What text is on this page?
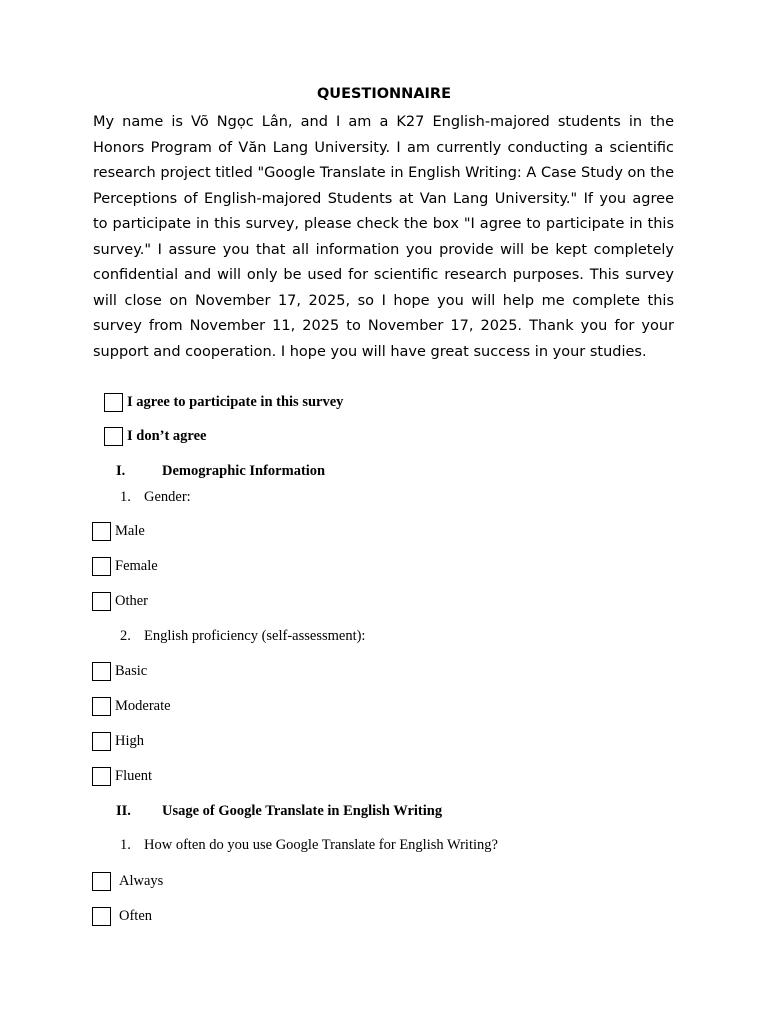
QUESTIONNAIRE

My name is Võ Ngọc Lân, and I am a K27 English-majored students in the Honors Program of Văn Lang University. I am currently conducting a scientific research project titled "Google Translate in English Writing: A Case Study on the Perceptions of English-majored Students at Van Lang University." If you agree to participate in this survey, please check the box "I agree to participate in this survey." I assure you that all information you provide will be kept completely confidential and will only be used for scientific research purposes. This survey will close on November 17, 2025, so I hope you will help me complete this survey from November 11, 2025 to November 17, 2025. Thank you for your support and cooperation. I hope you will have great success in your studies.

I agree to participate in this survey
I don’t agree
I.	Demographic Information
1. Gender:
Male
Female
Other
2. English proficiency (self-assessment):
Basic
Moderate
High
Fluent
II.	Usage of Google Translate in English Writing
1. How often do you use Google Translate for English Writing?
Always
Often
